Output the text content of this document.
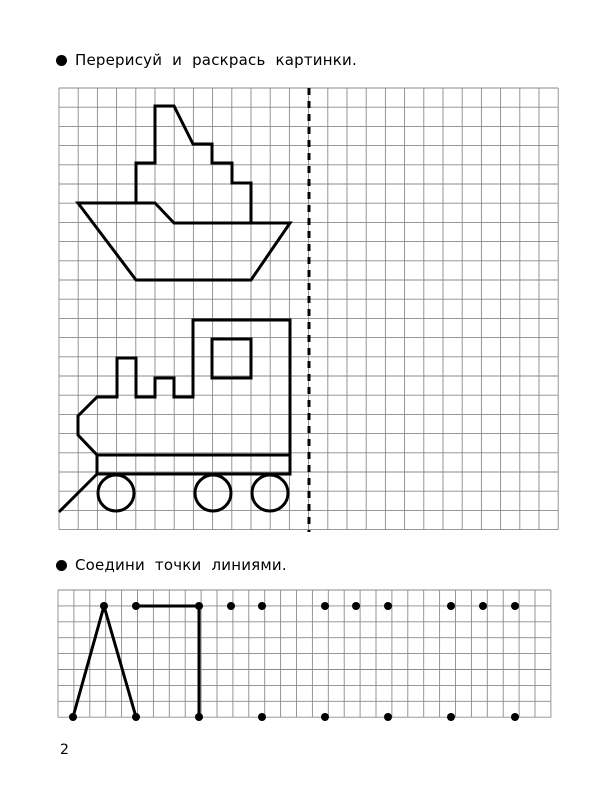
Перерисуй и раскрась картинки.
Соедини точки линиями.
2
